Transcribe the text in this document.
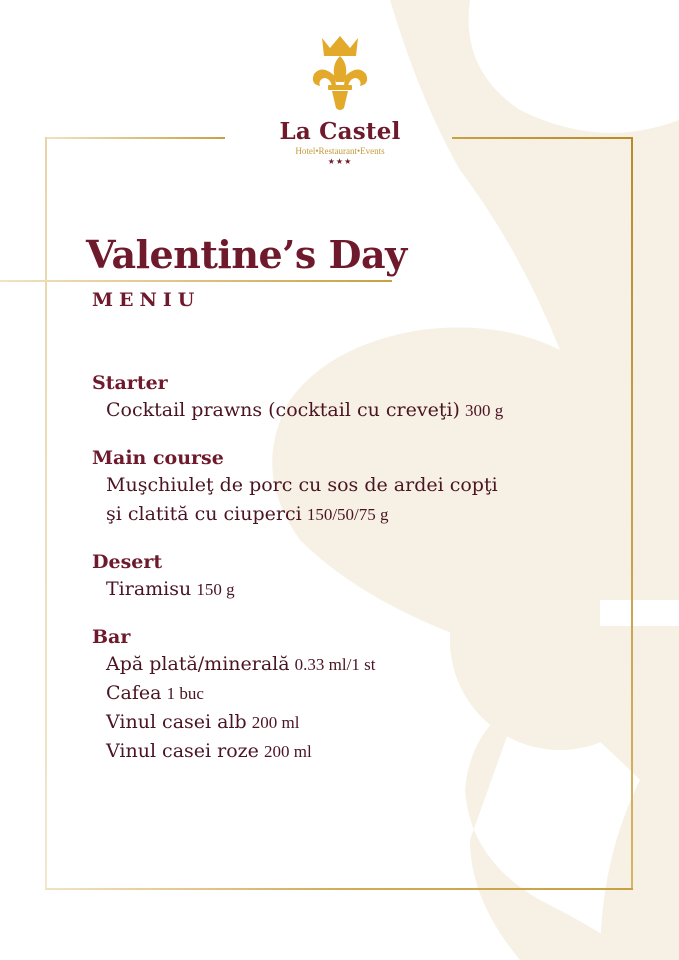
La Castel
Hotel•Restaurant•Events
★★★
Valentine’s Day
MENIU
Starter
Cocktail prawns (cocktail cu creveţi) 300 g
Main course
Muşchiuleţ de porc cu sos de ardei copţi
şi clatită cu ciuperci 150/50/75 g
Desert
Tiramisu 150 g
Bar
Apă plată/minerală 0.33 ml/1 st
Cafea 1 buc
Vinul casei alb 200 ml
Vinul casei roze 200 ml
